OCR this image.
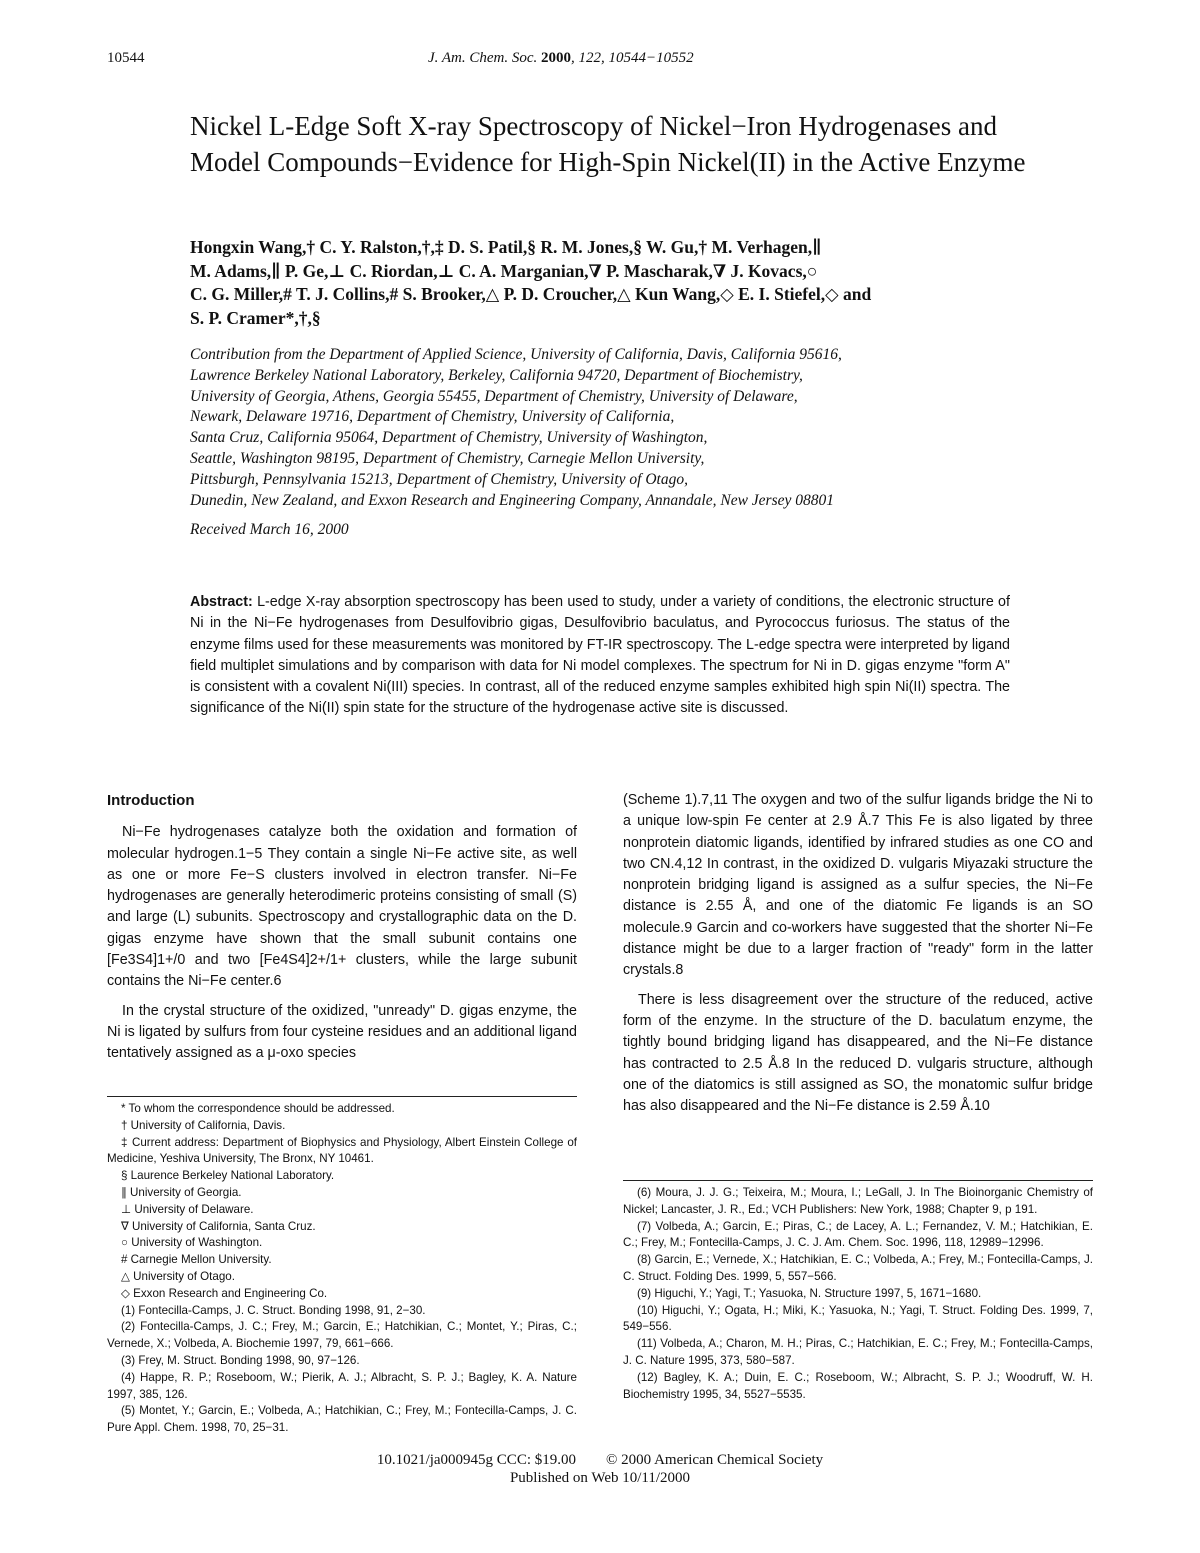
10544	J. Am. Chem. Soc. 2000, 122, 10544−10552
Nickel L-Edge Soft X-ray Spectroscopy of Nickel−Iron Hydrogenases and Model Compounds−Evidence for High-Spin Nickel(II) in the Active Enzyme
Hongxin Wang,† C. Y. Ralston,†,‡ D. S. Patil,§ R. M. Jones,§ W. Gu,† M. Verhagen,∥
M. Adams,∥ P. Ge,⊥ C. Riordan,⊥ C. A. Marganian,∇ P. Mascharak,∇ J. Kovacs,○
C. G. Miller,# T. J. Collins,# S. Brooker,△ P. D. Croucher,△ Kun Wang,◇ E. I. Stiefel,◇ and
S. P. Cramer*,†,§
Contribution from the Department of Applied Science, University of California, Davis, California 95616,
Lawrence Berkeley National Laboratory, Berkeley, California 94720, Department of Biochemistry,
University of Georgia, Athens, Georgia 55455, Department of Chemistry, University of Delaware,
Newark, Delaware 19716, Department of Chemistry, University of California,
Santa Cruz, California 95064, Department of Chemistry, University of Washington,
Seattle, Washington 98195, Department of Chemistry, Carnegie Mellon University,
Pittsburgh, Pennsylvania 15213, Department of Chemistry, University of Otago,
Dunedin, New Zealand, and Exxon Research and Engineering Company, Annandale, New Jersey 08801
Received March 16, 2000
Abstract: L-edge X-ray absorption spectroscopy has been used to study, under a variety of conditions, the electronic structure of Ni in the Ni−Fe hydrogenases from Desulfovibrio gigas, Desulfovibrio baculatus, and Pyrococcus furiosus. The status of the enzyme films used for these measurements was monitored by FT-IR spectroscopy. The L-edge spectra were interpreted by ligand field multiplet simulations and by comparison with data for Ni model complexes. The spectrum for Ni in D. gigas enzyme "form A" is consistent with a covalent Ni(III) species. In contrast, all of the reduced enzyme samples exhibited high spin Ni(II) spectra. The significance of the Ni(II) spin state for the structure of the hydrogenase active site is discussed.
Introduction

Ni−Fe hydrogenases catalyze both the oxidation and formation of molecular hydrogen.1−5 They contain a single Ni−Fe active site, as well as one or more Fe−S clusters involved in electron transfer. Ni−Fe hydrogenases are generally heterodimeric proteins consisting of small (S) and large (L) subunits. Spectroscopy and crystallographic data on the D. gigas enzyme have shown that the small subunit contains one [Fe3S4]1+/0 and two [Fe4S4]2+/1+ clusters, while the large subunit contains the Ni−Fe center.6

In the crystal structure of the oxidized, "unready" D. gigas enzyme, the Ni is ligated by sulfurs from four cysteine residues and an additional ligand tentatively assigned as a μ-oxo species

(Scheme 1).7,11 The oxygen and two of the sulfur ligands bridge the Ni to a unique low-spin Fe center at 2.9 Å.7 This Fe is also ligated by three nonprotein diatomic ligands, identified by infrared studies as one CO and two CN.4,12 In contrast, in the oxidized D. vulgaris Miyazaki structure the nonprotein bridging ligand is assigned as a sulfur species, the Ni−Fe distance is 2.55 Å, and one of the diatomic Fe ligands is an SO molecule.9 Garcin and co-workers have suggested that the shorter Ni−Fe distance might be due to a larger fraction of "ready" form in the latter crystals.8

There is less disagreement over the structure of the reduced, active form of the enzyme. In the structure of the D. baculatum enzyme, the tightly bound bridging ligand has disappeared, and the Ni−Fe distance has contracted to 2.5 Å.8 In the reduced D. vulgaris structure, although one of the diatomics is still assigned as SO, the monatomic sulfur bridge has also disappeared and the Ni−Fe distance is 2.59 Å.10

* To whom the correspondence should be addressed.
† University of California, Davis.
‡ Current address: Department of Biophysics and Physiology, Albert Einstein College of Medicine, Yeshiva University, The Bronx, NY 10461.
§ Laurence Berkeley National Laboratory.
∥ University of Georgia.
⊥ University of Delaware.
∇ University of California, Santa Cruz.
○ University of Washington.
# Carnegie Mellon University.
△ University of Otago.
◇ Exxon Research and Engineering Co.
(1) Fontecilla-Camps, J. C. Struct. Bonding 1998, 91, 2−30.
(2) Fontecilla-Camps, J. C.; Frey, M.; Garcin, E.; Hatchikian, C.; Montet, Y.; Piras, C.; Vernede, X.; Volbeda, A. Biochemie 1997, 79, 661−666.
(3) Frey, M. Struct. Bonding 1998, 90, 97−126.
(4) Happe, R. P.; Roseboom, W.; Pierik, A. J.; Albracht, S. P. J.; Bagley, K. A. Nature 1997, 385, 126.
(5) Montet, Y.; Garcin, E.; Volbeda, A.; Hatchikian, C.; Frey, M.; Fontecilla-Camps, J. C. Pure Appl. Chem. 1998, 70, 25−31.
(6) Moura, J. J. G.; Teixeira, M.; Moura, I.; LeGall, J. In The Bioinorganic Chemistry of Nickel; Lancaster, J. R., Ed.; VCH Publishers: New York, 1988; Chapter 9, p 191.
(7) Volbeda, A.; Garcin, E.; Piras, C.; de Lacey, A. L.; Fernandez, V. M.; Hatchikian, E. C.; Frey, M.; Fontecilla-Camps, J. C. J. Am. Chem. Soc. 1996, 118, 12989−12996.
(8) Garcin, E.; Vernede, X.; Hatchikian, E. C.; Volbeda, A.; Frey, M.; Fontecilla-Camps, J. C. Struct. Folding Des. 1999, 5, 557−566.
(9) Higuchi, Y.; Yagi, T.; Yasuoka, N. Structure 1997, 5, 1671−1680.
(10) Higuchi, Y.; Ogata, H.; Miki, K.; Yasuoka, N.; Yagi, T. Struct. Folding Des. 1999, 7, 549−556.
(11) Volbeda, A.; Charon, M. H.; Piras, C.; Hatchikian, E. C.; Frey, M.; Fontecilla-Camps, J. C. Nature 1995, 373, 580−587.
(12) Bagley, K. A.; Duin, E. C.; Roseboom, W.; Albracht, S. P. J.; Woodruff, W. H. Biochemistry 1995, 34, 5527−5535.
10.1021/ja000945g CCC: $19.00 © 2000 American Chemical Society
Published on Web 10/11/2000
